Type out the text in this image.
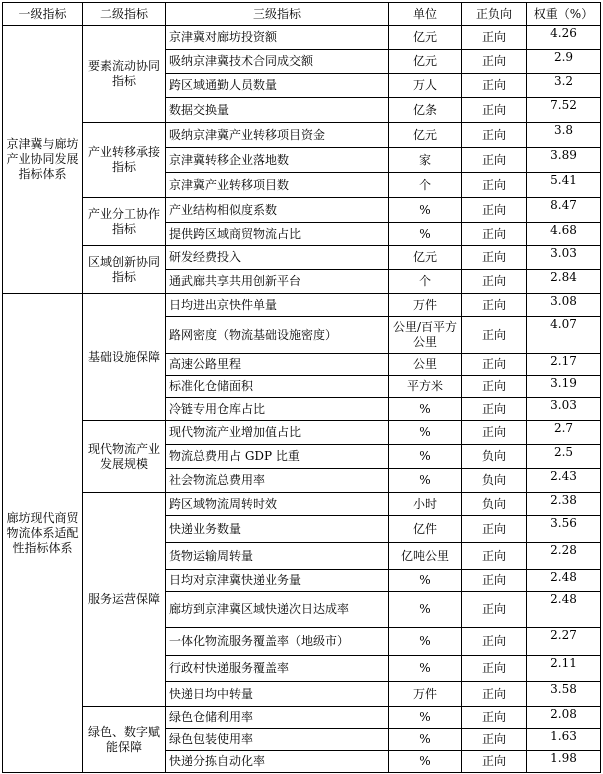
一级指标	二级指标	三级指标	单位	正负向	权重（%）
京津冀与廊坊产业协同发展指标体系	要素流动协同指标	京津冀对廊坊投资额	亿元	正向	4.26
		吸纳京津冀技术合同成交额	亿元	正向	2.9
		跨区域通勤人员数量	万人	正向	3.2
		数据交换量	亿条	正向	7.52
	产业转移承接指标	吸纳京津冀产业转移项目资金	亿元	正向	3.8
		京津冀转移企业落地数	家	正向	3.89
		京津冀产业转移项目数	个	正向	5.41
	产业分工协作指标	产业结构相似度系数	%	正向	8.47
		提供跨区域商贸物流占比	%	正向	4.68
	区域创新协同指标	研发经费投入	亿元	正向	3.03
		通武廊共享共用创新平台	个	正向	2.84
廊坊现代商贸物流体系适配性指标体系	基础设施保障	日均进出京快件单量	万件	正向	3.08
		路网密度（物流基础设施密度）	公里/百平方公里	正向	4.07
		高速公路里程	公里	正向	2.17
		标准化仓储面积	平方米	正向	3.19
		冷链专用仓库占比	%	正向	3.03
	现代物流产业发展规模	现代物流产业增加值占比	%	正向	2.7
		物流总费用占 GDP 比重	%	负向	2.5
		社会物流总费用率	%	负向	2.43
	服务运营保障	跨区域物流周转时效	小时	负向	2.38
		快递业务数量	亿件	正向	3.56
		货物运输周转量	亿吨公里	正向	2.28
		日均对京津冀快递业务量	%	正向	2.48
		廊坊到京津冀区域快递次日达成率	%	正向	2.48
		一体化物流服务覆盖率（地级市）	%	正向	2.27
		行政村快递服务覆盖率	%	正向	2.11
		快递日均中转量	万件	正向	3.58
	绿色、数字赋能保障	绿色仓储利用率	%	正向	2.08
		绿色包装使用率	%	正向	1.63
		快递分拣自动化率	%	正向	1.98
